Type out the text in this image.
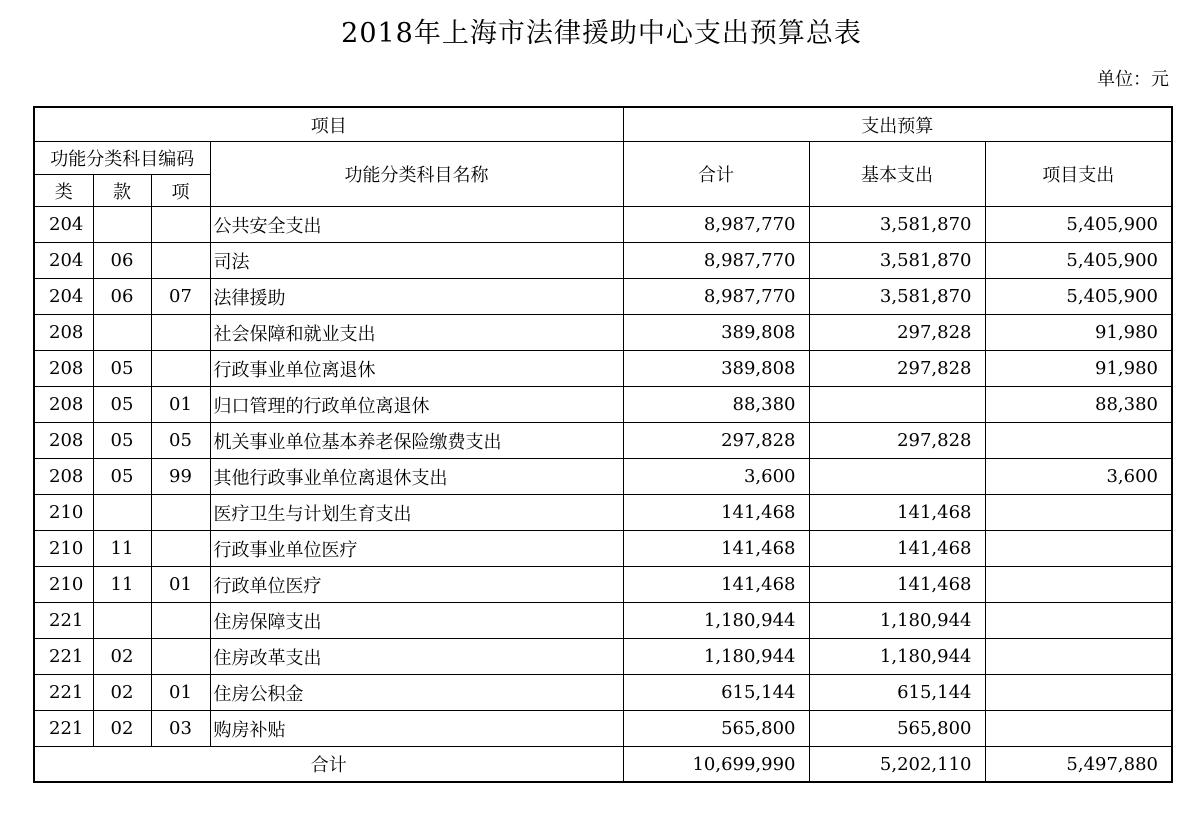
2018年上海市法律援助中心支出预算总表
单位：元
项目				支出预算		
功能分类科目编码			功能分类科目名称	合计	基本支出	项目支出
类	款	项				
204			公共安全支出	8,987,770	3,581,870	5,405,900
204	06		司法	8,987,770	3,581,870	5,405,900
204	06	07	法律援助	8,987,770	3,581,870	5,405,900
208			社会保障和就业支出	389,808	297,828	91,980
208	05		行政事业单位离退休	389,808	297,828	91,980
208	05	01	归口管理的行政单位离退休	88,380		88,380
208	05	05	机关事业单位基本养老保险缴费支出	297,828	297,828	
208	05	99	其他行政事业单位离退休支出	3,600		3,600
210			医疗卫生与计划生育支出	141,468	141,468	
210	11		行政事业单位医疗	141,468	141,468	
210	11	01	行政单位医疗	141,468	141,468	
221			住房保障支出	1,180,944	1,180,944	
221	02		住房改革支出	1,180,944	1,180,944	
221	02	01	住房公积金	615,144	615,144	
221	02	03	购房补贴	565,800	565,800	
合计				10,699,990	5,202,110	5,497,880
